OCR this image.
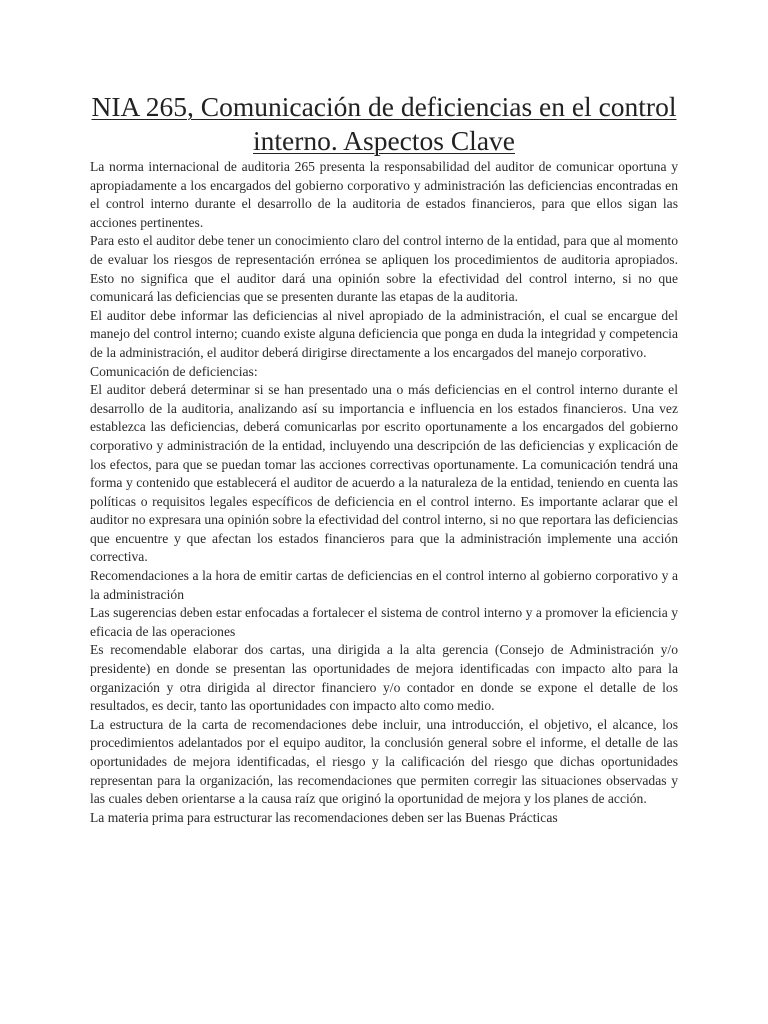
NIA 265, Comunicación de deficiencias en el control interno. Aspectos Clave

La norma internacional de auditoria 265 presenta la responsabilidad del auditor de comunicar oportuna y apropiadamente a los encargados del gobierno corporativo y administración las deficiencias encontradas en el control interno durante el desarrollo de la auditoria de estados financieros, para que ellos sigan las acciones pertinentes.

Para esto el auditor debe tener un conocimiento claro del control interno de la entidad, para que al momento de evaluar los riesgos de representación errónea se apliquen los procedimientos de auditoria apropiados. Esto no significa que el auditor dará una opinión sobre la efectividad del control interno, si no que comunicará las deficiencias que se presenten durante las etapas de la auditoria.

El auditor debe informar las deficiencias al nivel apropiado de la administración, el cual se encargue del manejo del control interno; cuando existe alguna deficiencia que ponga en duda la integridad y competencia de la administración, el auditor deberá dirigirse directamente a los encargados del manejo corporativo.

Comunicación de deficiencias:

El auditor deberá determinar si se han presentado una o más deficiencias en el control interno durante el desarrollo de la auditoria, analizando así su importancia e influencia en los estados financieros. Una vez establezca las deficiencias, deberá comunicarlas por escrito oportunamente a los encargados del gobierno corporativo y administración de la entidad, incluyendo una descripción de las deficiencias y explicación de los efectos, para que se puedan tomar las acciones correctivas oportunamente. La comunicación tendrá una forma y contenido que establecerá el auditor de acuerdo a la naturaleza de la entidad, teniendo en cuenta las políticas o requisitos legales específicos de deficiencia en el control interno. Es importante aclarar que el auditor no expresara una opinión sobre la efectividad del control interno, si no que reportara las deficiencias que encuentre y que afectan los estados financieros para que la administración implemente una acción correctiva.

Recomendaciones a la hora de emitir cartas de deficiencias en el control interno al gobierno corporativo y a la administración

Las sugerencias deben estar enfocadas a fortalecer el sistema de control interno y a promover la eficiencia y eficacia de las operaciones

Es recomendable elaborar dos cartas, una dirigida a la alta gerencia (Consejo de Administración y/o presidente) en donde se presentan las oportunidades de mejora identificadas con impacto alto para la organización y otra dirigida al director financiero y/o contador en donde se expone el detalle de los resultados, es decir, tanto las oportunidades con impacto alto como medio.

La estructura de la carta de recomendaciones debe incluir, una introducción, el objetivo, el alcance, los procedimientos adelantados por el equipo auditor, la conclusión general sobre el informe, el detalle de las oportunidades de mejora identificadas, el riesgo y la calificación del riesgo que dichas oportunidades representan para la organización, las recomendaciones que permiten corregir las situaciones observadas y las cuales deben orientarse a la causa raíz que originó la oportunidad de mejora y los planes de acción.

La materia prima para estructurar las recomendaciones deben ser las Buenas Prácticas
